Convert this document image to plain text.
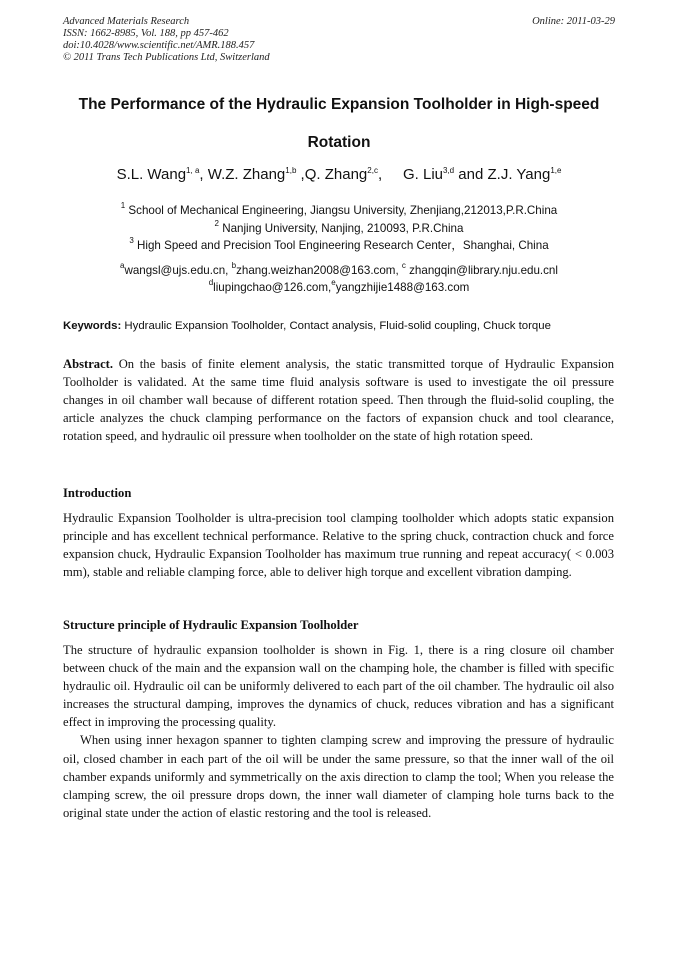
Advanced Materials Research
ISSN: 1662-8985, Vol. 188, pp 457-462
doi:10.4028/www.scientific.net/AMR.188.457
© 2011 Trans Tech Publications Ltd, Switzerland
Online: 2011-03-29
The Performance of the Hydraulic Expansion Toolholder in High-speed
Rotation
S.L. Wang$^{1, a}$, W.Z. Zhang$^{1,b}$ ,Q. Zhang$^{2,c}$,     G. Liu$^{3,d}$ and Z.J. Yang$^{1,e}$
$^1$ School of Mechanical Engineering, Jiangsu University, Zhenjiang,212013,P.R.China
$^2$ Nanjing University, Nanjing, 210093, P.R.China
$^3$ High Speed and Precision Tool Engineering Research Center，Shanghai, China
$^a$wangsl@ujs.edu.cn, $^b$zhang.weizhan2008@163.com, $^c$ zhangqin@library.nju.edu.cnl
$^d$liupingchao@126.com,$^e$yangzhijie1488@163.com
Keywords: Hydraulic Expansion Toolholder, Contact analysis, Fluid-solid coupling, Chuck torque
Abstract. On the basis of finite element analysis, the static transmitted torque of Hydraulic Expansion Toolholder is validated. At the same time fluid analysis software is used to investigate the oil pressure changes in oil chamber wall because of different rotation speed. Then through the fluid-solid coupling, the article analyzes the chuck clamping performance on the factors of expansion chuck and tool clearance, rotation speed, and hydraulic oil pressure when toolholder on the state of high rotation speed.
Introduction
Hydraulic Expansion Toolholder is ultra-precision tool clamping toolholder which adopts static expansion principle and has excellent technical performance. Relative to the spring chuck, contraction chuck and force expansion chuck, Hydraulic Expansion Toolholder has maximum true running and repeat accuracy( < 0.003 mm), stable and reliable clamping force, able to deliver high torque and excellent vibration damping.
Structure principle of Hydraulic Expansion Toolholder

The structure of hydraulic expansion toolholder is shown in Fig. 1, there is a ring closure oil chamber between chuck of the main and the expansion wall on the champing hole, the chamber is filled with specific hydraulic oil. Hydraulic oil can be uniformly delivered to each part of the oil chamber. The hydraulic oil also increases the structural damping, improves the dynamics of chuck, reduces vibration and has a significant effect in improving the processing quality.

When using inner hexagon spanner to tighten clamping screw and improving the pressure of hydraulic oil, closed chamber in each part of the oil will be under the same pressure, so that the inner wall of the oil chamber expands uniformly and symmetrically on the axis direction to clamp the tool; When you release the clamping screw, the oil pressure drops down, the inner wall diameter of clamping hole turns back to the original state under the action of elastic restoring and the tool is released.
